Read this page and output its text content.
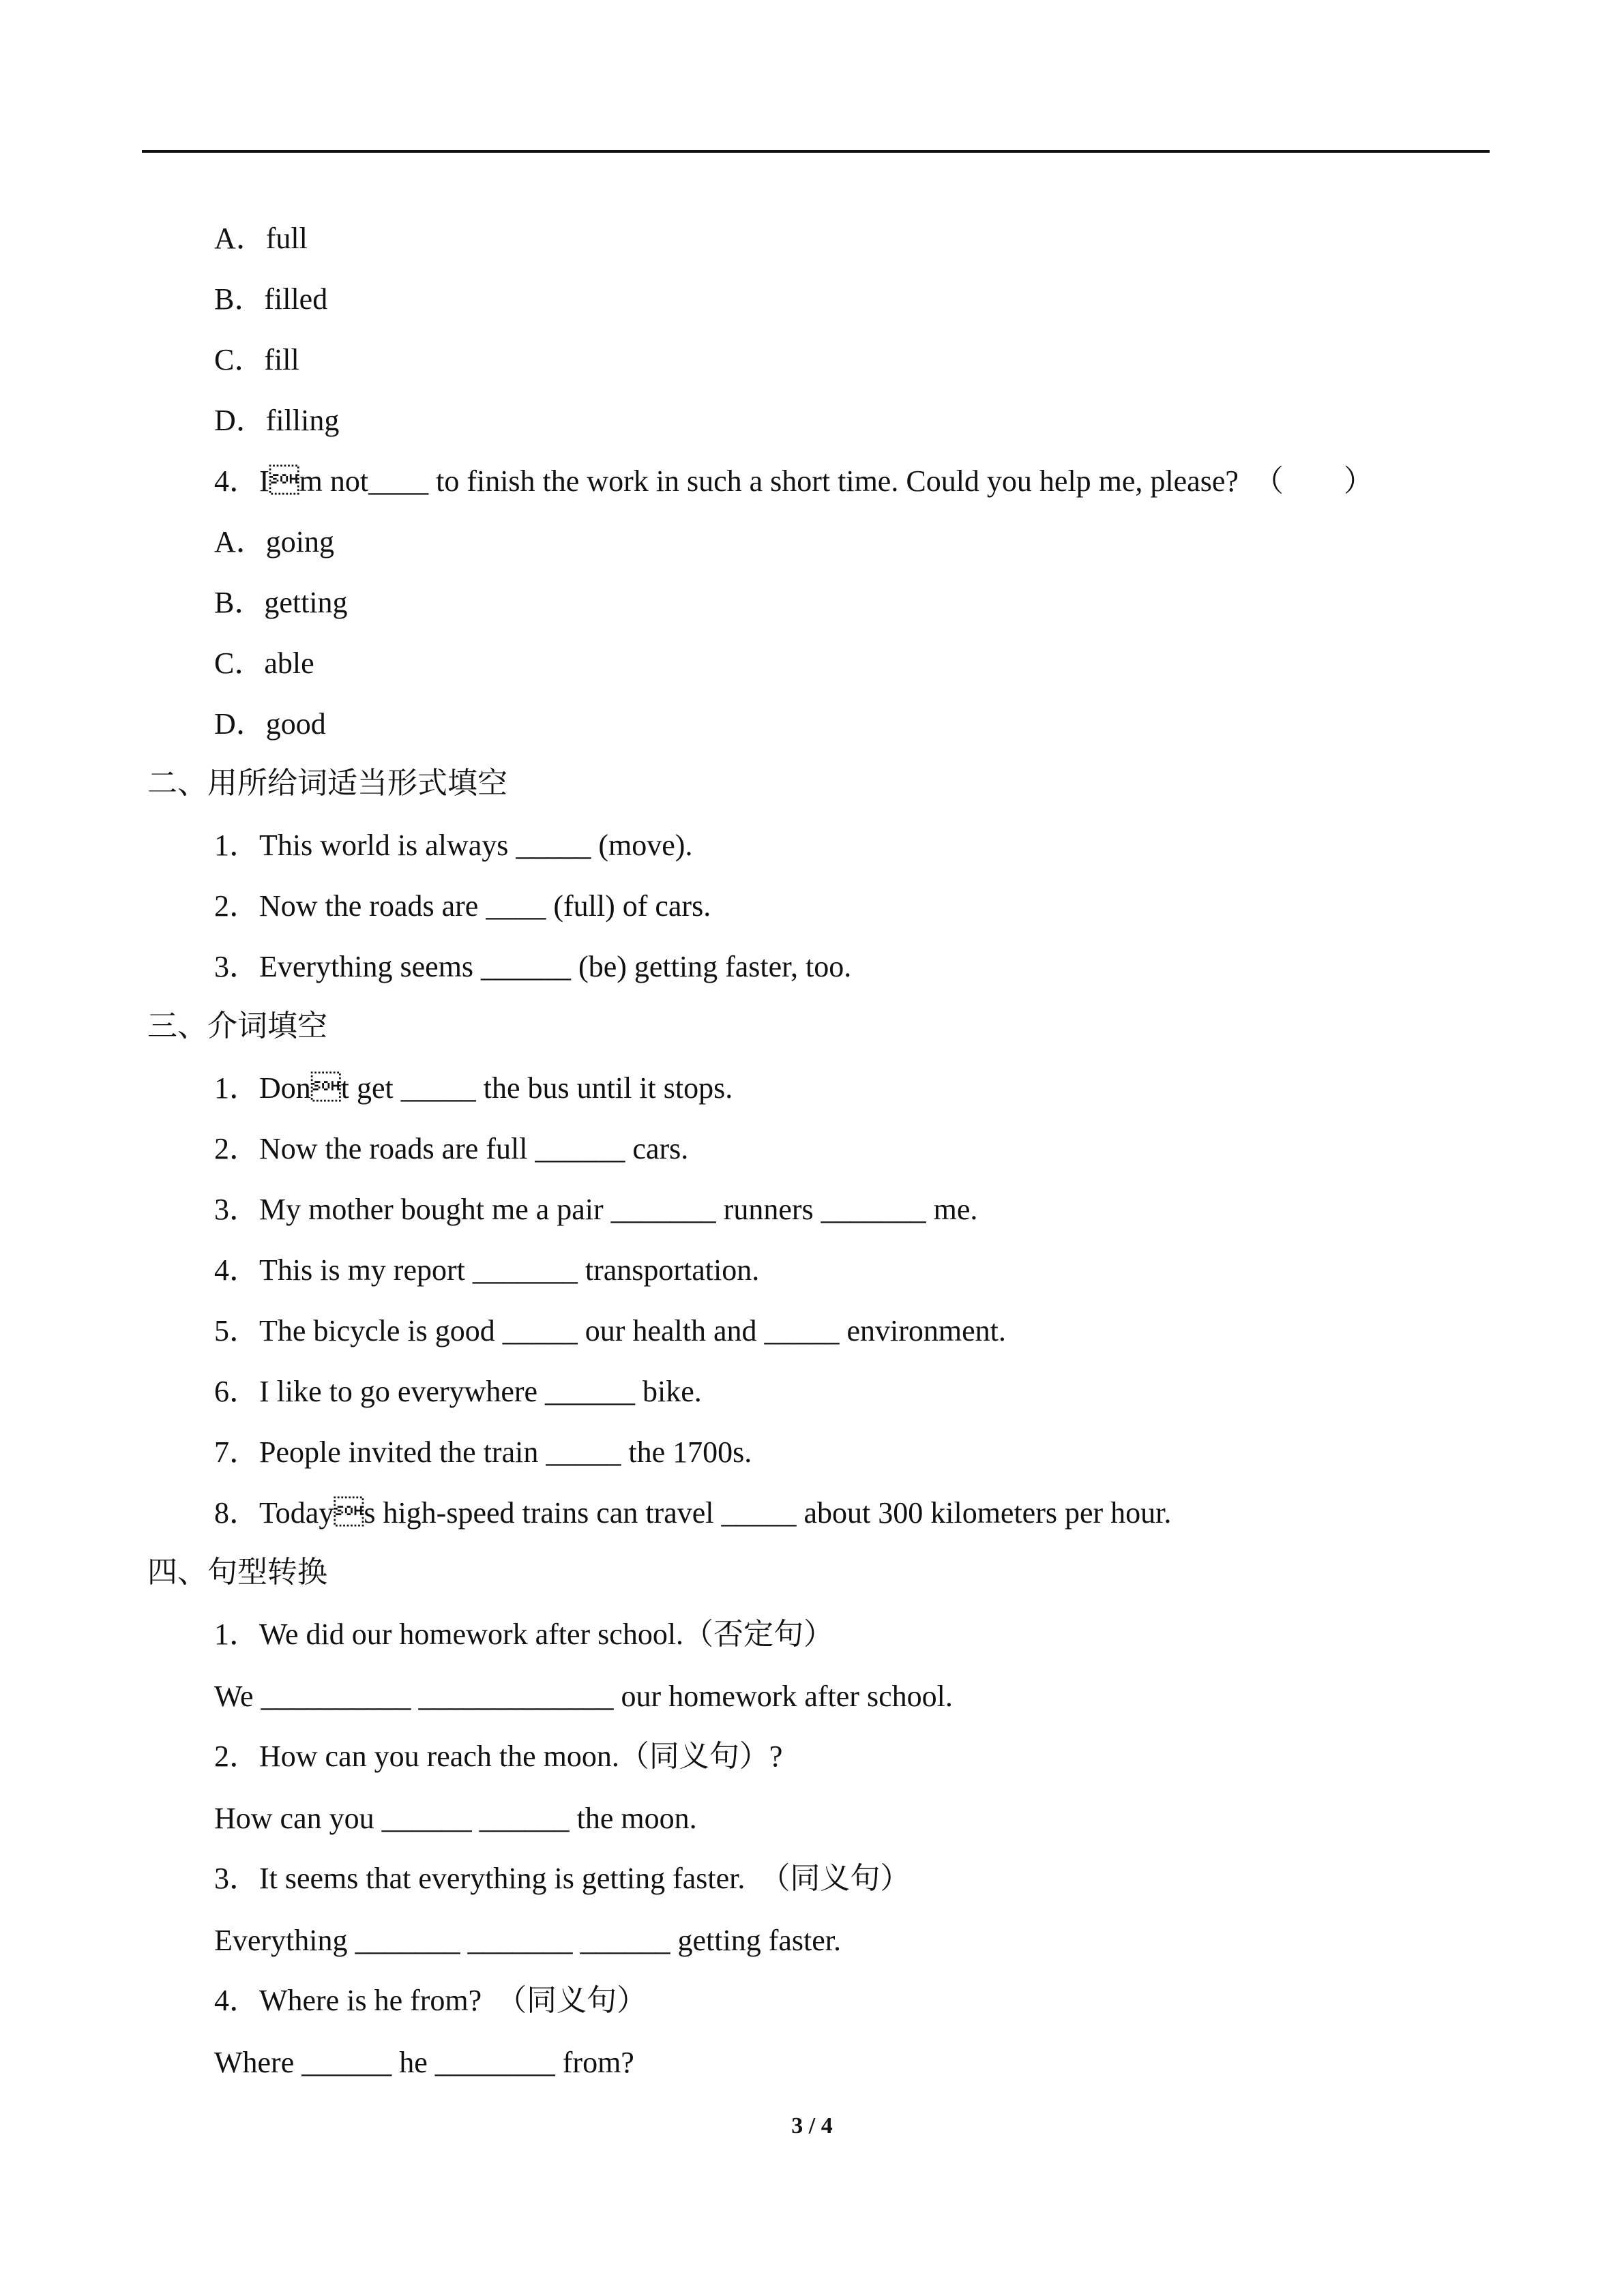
A．full

B．filled

C．fill

D．filling

4．Im not____ to finish the work in such a short time. Could you help me, please?  （        ）

A．going

B．getting

C．able

D．good

二、用所给词适当形式填空

1．This world is always _____ (move).

2．Now the roads are ____ (full) of cars.

3．Everything seems ______ (be) getting faster, too.

三、介词填空

1．Dont get _____ the bus until it stops.

2．Now the roads are full ______ cars.

3．My mother bought me a pair _______ runners _______ me.

4．This is my report _______ transportation.

5．The bicycle is good _____ our health and _____ environment.

6．I like to go everywhere ______ bike.

7．People invited the train _____ the 1700s.

8．Todays high-speed trains can travel _____ about 300 kilometers per hour.

四、句型转换

1．We did our homework after school.（否定句）

We __________ _____________ our homework after school.

2．How can you reach the moon.（同义句）?

How can you ______ ______ the moon.

3．It seems that everything is getting faster.  （同义句）

Everything _______ _______ ______ getting faster.

4．Where is he from?  （同义句）

Where ______ he ________ from?

3 / 4
